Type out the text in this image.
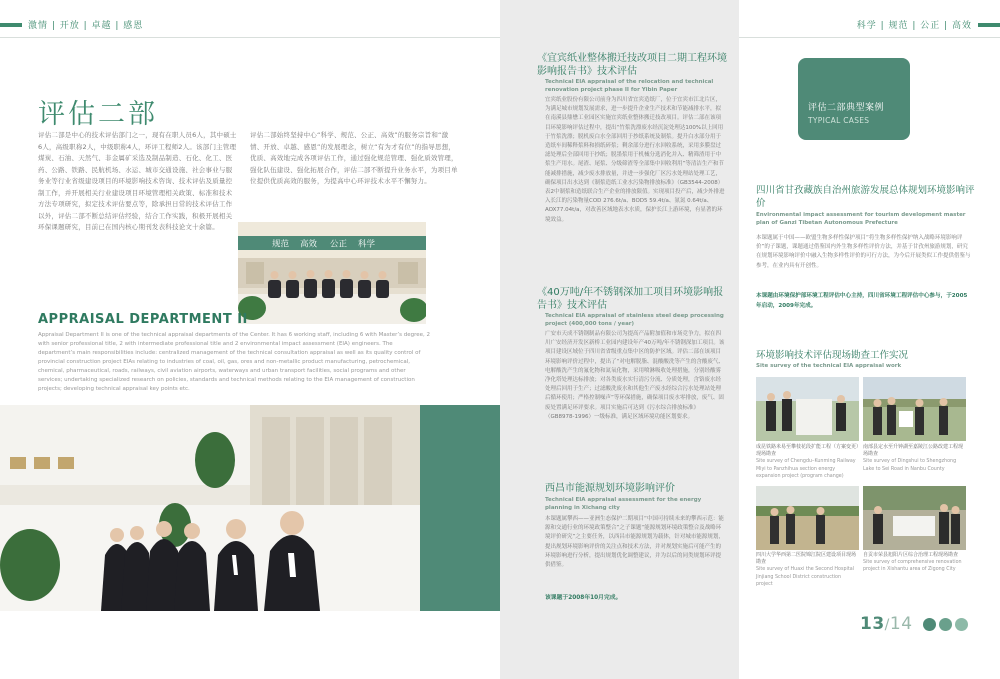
激情 | 开放 | 卓越 | 感恩
评估二部
评估二部是中心的技术评估部门之一，现有在职人员6人，其中硕士6人，高级职称2人，中级职称4人，环评工程师2人。该部门主管理煤炭、石油、天然气、非金属矿采选及制品制造、石化、化工、医药、公路、铁路、民航机场、水运、城市交通设施、社会事业与服务业等行业省级建设项目的环境影响技术咨询、技术评估及质量控制工作，并开展相关行业建设项目环境管理相关政策、标准和技术方法专项研究，拟定技术评估要点等，除承担日常的技术评估工作以外，评估二部不断总结评估经验，结合工作实践，积极开展相关环保课题研究，目前已在国内核心期刊发表科技论文十余篇。
评估二部始终坚持中心“科学、规范、公正、高效”的服务宗旨和“激情、开放、卓越、感恩”的发展理念，树立“有为才有位”的指导思想，优质、高效地完成各项评估工作，通过强化规范管理、强化质效管理，强化队伍建设、强化拓展合作，评估二部不断提升业务水平，为项目单位提供优质高效的服务，为提高中心环评技术水平不懈努力。
规范 高效 公正 科学
APPRAISAL DEPARTMENT II
Appraisal Department II is one of the technical appraisal departments of the Center. It has 6 working staff, including 6 with Master’s degree, 2 with senior professional title, 2 with intermediate professional title and 2 environmental impact assessment (EIA) engineers. The department’s main responsibilities include: centralized management of the technical consultation appraisal as well as its quality control of provincial construction project EIAs relating to industries of coal, oil, gas, ores and non-metallic product manufacturing, petrochemical, chemical, pharmaceutical, roads, railways, civil aviation airports, waterways and urban transport facilities, social programs and other services; undertaking specialized research on policies, standards and technical methods relating to the EIA management of construction projects; developing technical appraisal key points etc.
科学 | 规范 | 公正 | 高效
《宜宾纸业整体搬迁技改项目二期工程环境影响报告书》技术评估
Technical EIA appraisal of the relocation and technical renovation project phase II for Yibin Paper
宜宾纸业股份有限公司前身为四川省宜宾造纸厂，位于宜宾市江北片区，为满足城市规划发展需求，进一步提升企业生产技术和节能减排水平，拟在南溪县鼎懋工业园区实施宜宾纸业整体搬迁技改项目。评估二部在该项目环境影响评估过程中，提出“竹浆洗漂废水经沉淀处理达100%以上回用于竹浆洗漂；脱机废白水全部回用于抄纸系统及制浆。提升白水部分用于造纸车间稀释浆料和损纸碎浆；剩余部分进行水回收系统，采用多膜盘过滤处理后全部回用于抄纸；脱墨浆用于机械分选消化并入、精筛渣用于中浆生产用水。尾渣、尾浆、分级筛渣等全部集中回收利用”等清洁生产和节能减排措施，减少废水排放量，并进一步强化厂区污水处理站处理工艺，确保项目出水达到《制浆造纸工业水污染物排放标准》（GB3544-2008）表2中制浆和造纸联合生产企业的排放限值。实现项目投产后，减少外排进入长江的污染物量COD 276.6t/a、BOD5 59.4t/a、氨氮 0.64t/a、AOX77.04t/a，对改善区域地表水水质，保护长江上游环境，有显著的环境效益。
《40万吨/年不锈钢深加工项目环境影响报告书》技术评估
Technical EIA appraisal of stainless steel deep processing project (400,000 tons / year)
广安市天成不锈钢制品有限公司为提高产品附加值和市场竞争力，拟在四川广安经济开发区新桥工业园内建设年产40万吨/年不锈钢深加工项目。该项目建设区域位于四川省省级重点集中区的防护区域。评估二部在该项目环境影响评价过程中，提出了“对电解脱脂、混酸酸洗等产生的含酸废气、电解酸洗产生的氟化物和氮氧化物，采用喷淋吸收处理措施，分别经酸雾净化塔处理达标排放；对各类废水实行清污分流、分质处理，含铬废水经处理后回用于生产；过滤酸洗废水和其他生产废水经综合污水处理站处理后循环使用；严格控制噪声”等环保措施，确保项目废水零排放，废气、固废处置满足环评要求。项目实施后可达到《污水综合排放标准》（GB8978-1996）一级标准，满足区域环境功能区划要求。
西昌市能源规划环境影响评价
Technical EIA appraisal assessment for the energy planning in Xichang city
本课题属攀西——亚洲生态保护二期项目“中国可持续未来的攀西示范：能源和交通行业的环境政策整合”之子课题“能源规划环境政策整合及战略环境评价研究”之主要任务，以西昌市能源规划为载体，针对城市能源规划，提出规划环境影响评价的关注点和技术方法，并对规划实施后可能产生的环境影响进行分析，提出规划优化调整建议，并为以后的同类规划环评提供借鉴。
该课题于2008年10月完成。
评估二部典型案例
TYPICAL CASES
四川省甘孜藏族自治州旅游发展总体规划环境影响评价
Environmental impact assessment for tourism development master plan of Ganzi Tibetan Autonomous Prefecture
本课题属于中国——欧盟生物多样性保护项目“将生物多样性保护纳入战略环境影响评价”的子课题，课题通过借鉴国内外生物多样性评价方法，并基于甘孜州旅游规划，研究在规划环境影响评价中融入生物多样性评价的可行方法，为今后开展类似工作提供借鉴与参考，在业内具有开创性。
本课题由环境保护部环境工程评估中心主持，四川省环境工程评估中心参与，于2005年启动，2009年完成。
环境影响技术评估现场勘查工作实况
Site survey of the technical EIA appraisal work
成昆铁路米易至攀枝花段扩能工程（方案变更）现场勘查
Site survey of Chengdu–Kunming Railway Miyi to Panzhihua section energy expansion project (program change)
南部县定水至升钟湖至嘉陵江公路改建工程现场勘查
Site survey of Dingshui to Shengzhong Lake to Sei Road in Nanbu County
四川大学华西第二医院锦江院区建设项目现场勘查
Site survey of Huaxi the Second Hospital Jinjiang School District construction project
自贡市荣县旭阳片区综合治理工程现场勘查
Site survey of comprehensive renovation project in Xishantu area of Zigong City
13/14
